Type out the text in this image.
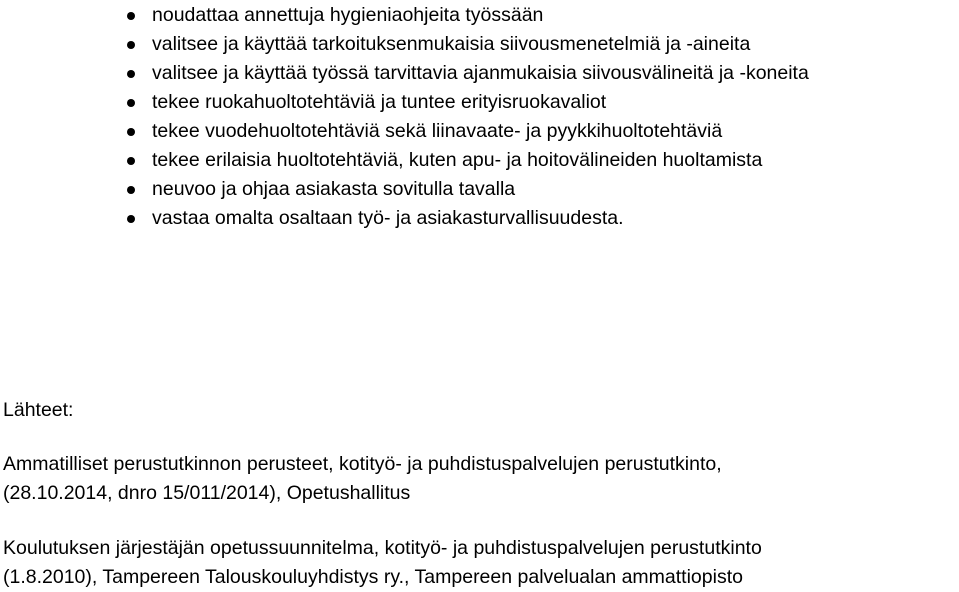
noudattaa annettuja hygieniaohjeita työssään
valitsee ja käyttää tarkoituksenmukaisia siivousmenetelmiä ja -aineita
valitsee ja käyttää työssä tarvittavia ajanmukaisia siivousvälineitä ja -koneita
tekee ruokahuoltotehtäviä ja tuntee erityisruokavaliot
tekee vuodehuoltotehtäviä sekä liinavaate- ja pyykkihuoltotehtäviä
tekee erilaisia huoltotehtäviä, kuten apu- ja hoitovälineiden huoltamista
neuvoo ja ohjaa asiakasta sovitulla tavalla
vastaa omalta osaltaan työ- ja asiakasturvallisuudesta.
Lähteet:
Ammatilliset perustutkinnon perusteet, kotityö- ja puhdistuspalvelujen perustutkinto,
(28.10.2014, dnro 15/011/2014), Opetushallitus
Koulutuksen järjestäjän opetussuunnitelma, kotityö- ja puhdistuspalvelujen perustutkinto
(1.8.2010), Tampereen Talouskouluyhdistys ry., Tampereen palvelualan ammattiopisto
